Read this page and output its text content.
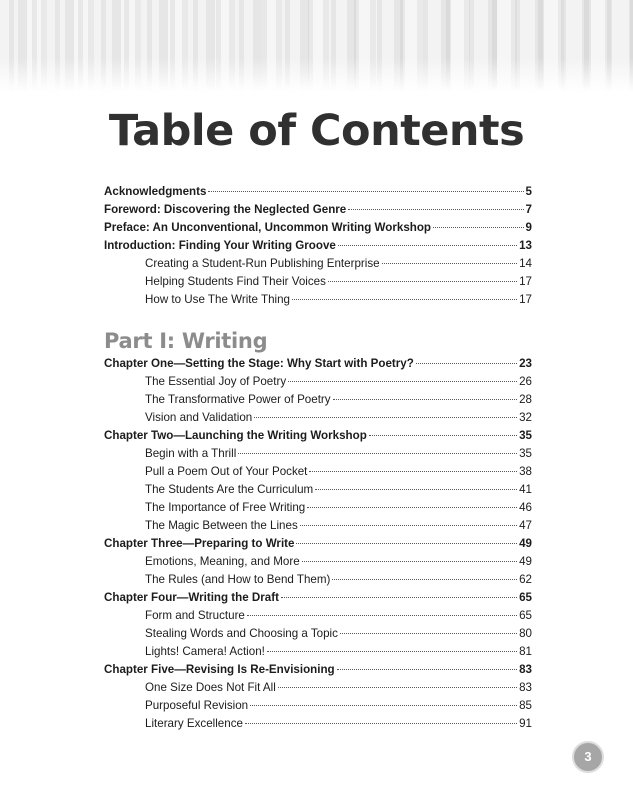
Table of Contents
Acknowledgments	5
Foreword: Discovering the Neglected Genre	7
Preface: An Unconventional, Uncommon Writing Workshop	9
Introduction: Finding Your Writing Groove	13
Creating a Student-Run Publishing Enterprise	14
Helping Students Find Their Voices	17
How to Use The Write Thing	17
Part I: Writing
Chapter One—Setting the Stage: Why Start with Poetry?	23
The Essential Joy of Poetry	26
The Transformative Power of Poetry	28
Vision and Validation	32
Chapter Two—Launching the Writing Workshop	35
Begin with a Thrill	35
Pull a Poem Out of Your Pocket	38
The Students Are the Curriculum	41
The Importance of Free Writing	46
The Magic Between the Lines	47
Chapter Three—Preparing to Write	49
Emotions, Meaning, and More	49
The Rules (and How to Bend Them)	62
Chapter Four—Writing the Draft	65
Form and Structure	65
Stealing Words and Choosing a Topic	80
Lights! Camera! Action!	81
Chapter Five—Revising Is Re-Envisioning	83
One Size Does Not Fit All	83
Purposeful Revision	85
Literary Excellence	91
3
